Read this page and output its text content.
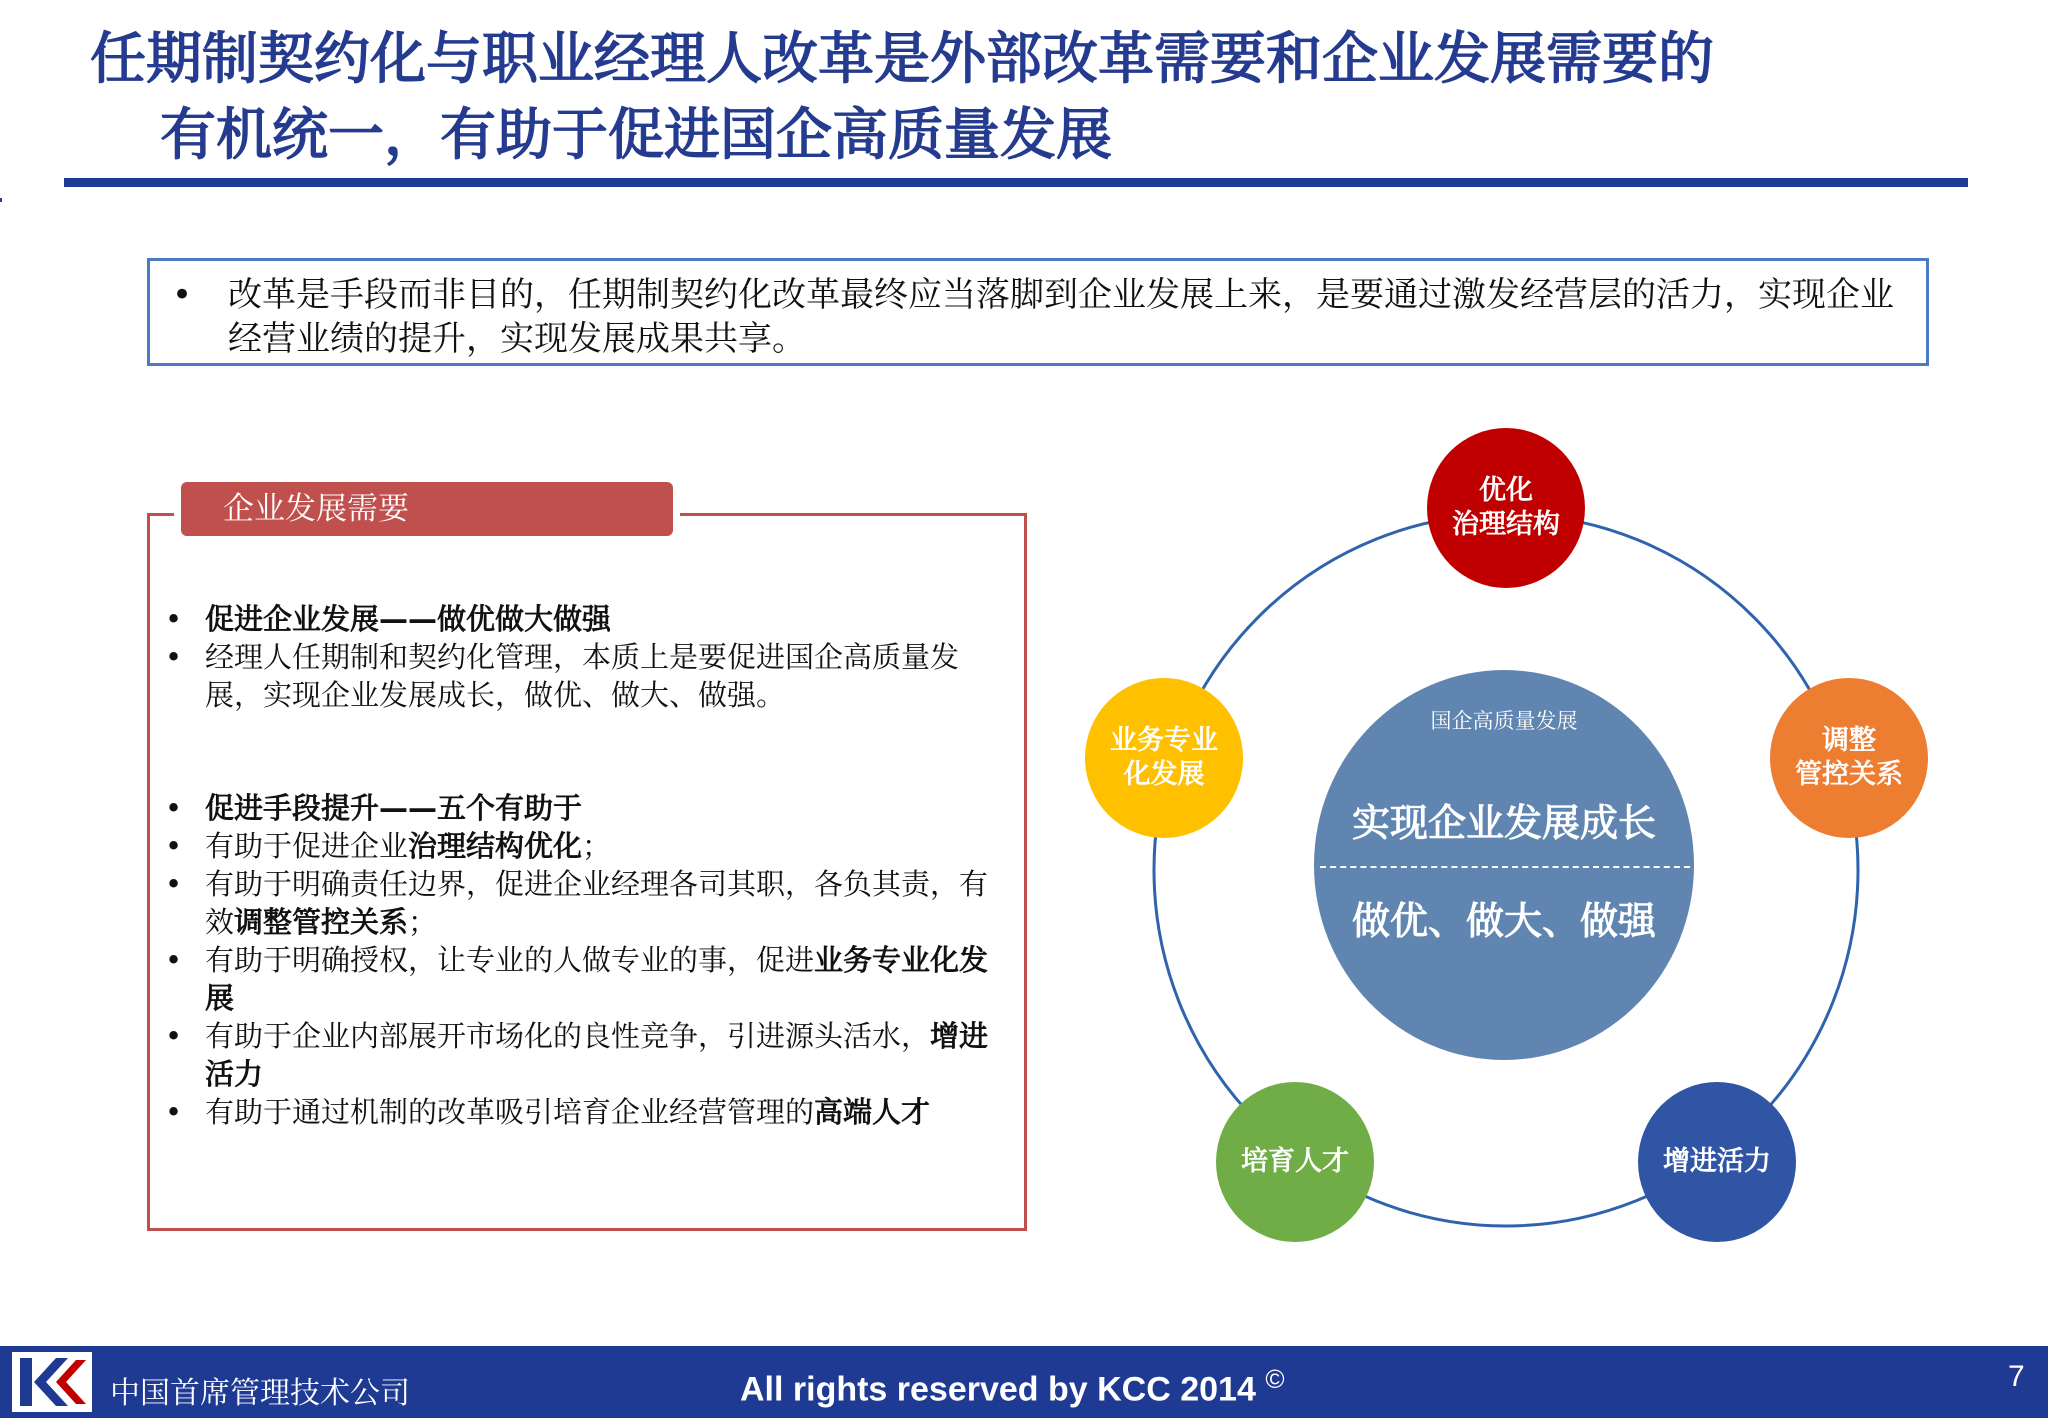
任期制契约化与职业经理人改革是外部改革需要和企业发展需要的
有机统一，有助于促进国企高质量发展
• 改革是手段而非目的，任期制契约化改革最终应当落脚到企业发展上来，是要通过激发经营层的活力，实现企业经营业绩的提升，实现发展成果共享。
企业发展需要
• 促进企业发展——做优做大做强
• 经理人任期制和契约化管理，本质上是要促进国企高质量发展，实现企业发展成长，做优、做大、做强。
• 促进手段提升——五个有助于
• 有助于促进企业治理结构优化；
• 有助于明确责任边界，促进企业经理各司其职，各负其责，有效调整管控关系；
• 有助于明确授权，让专业的人做专业的事，促进业务专业化发展
• 有助于企业内部展开市场化的良性竞争，引进源头活水，增进活力
• 有助于通过机制的改革吸引培育企业经营管理的高端人才
国企高质量发展
实现企业发展成长
做优、做大、做强
优化
治理结构
调整
管控关系
增进活力
培育人才
业务专业
化发展
中国首席管理技术公司	All rights reserved by KCC 2014 ©	7
